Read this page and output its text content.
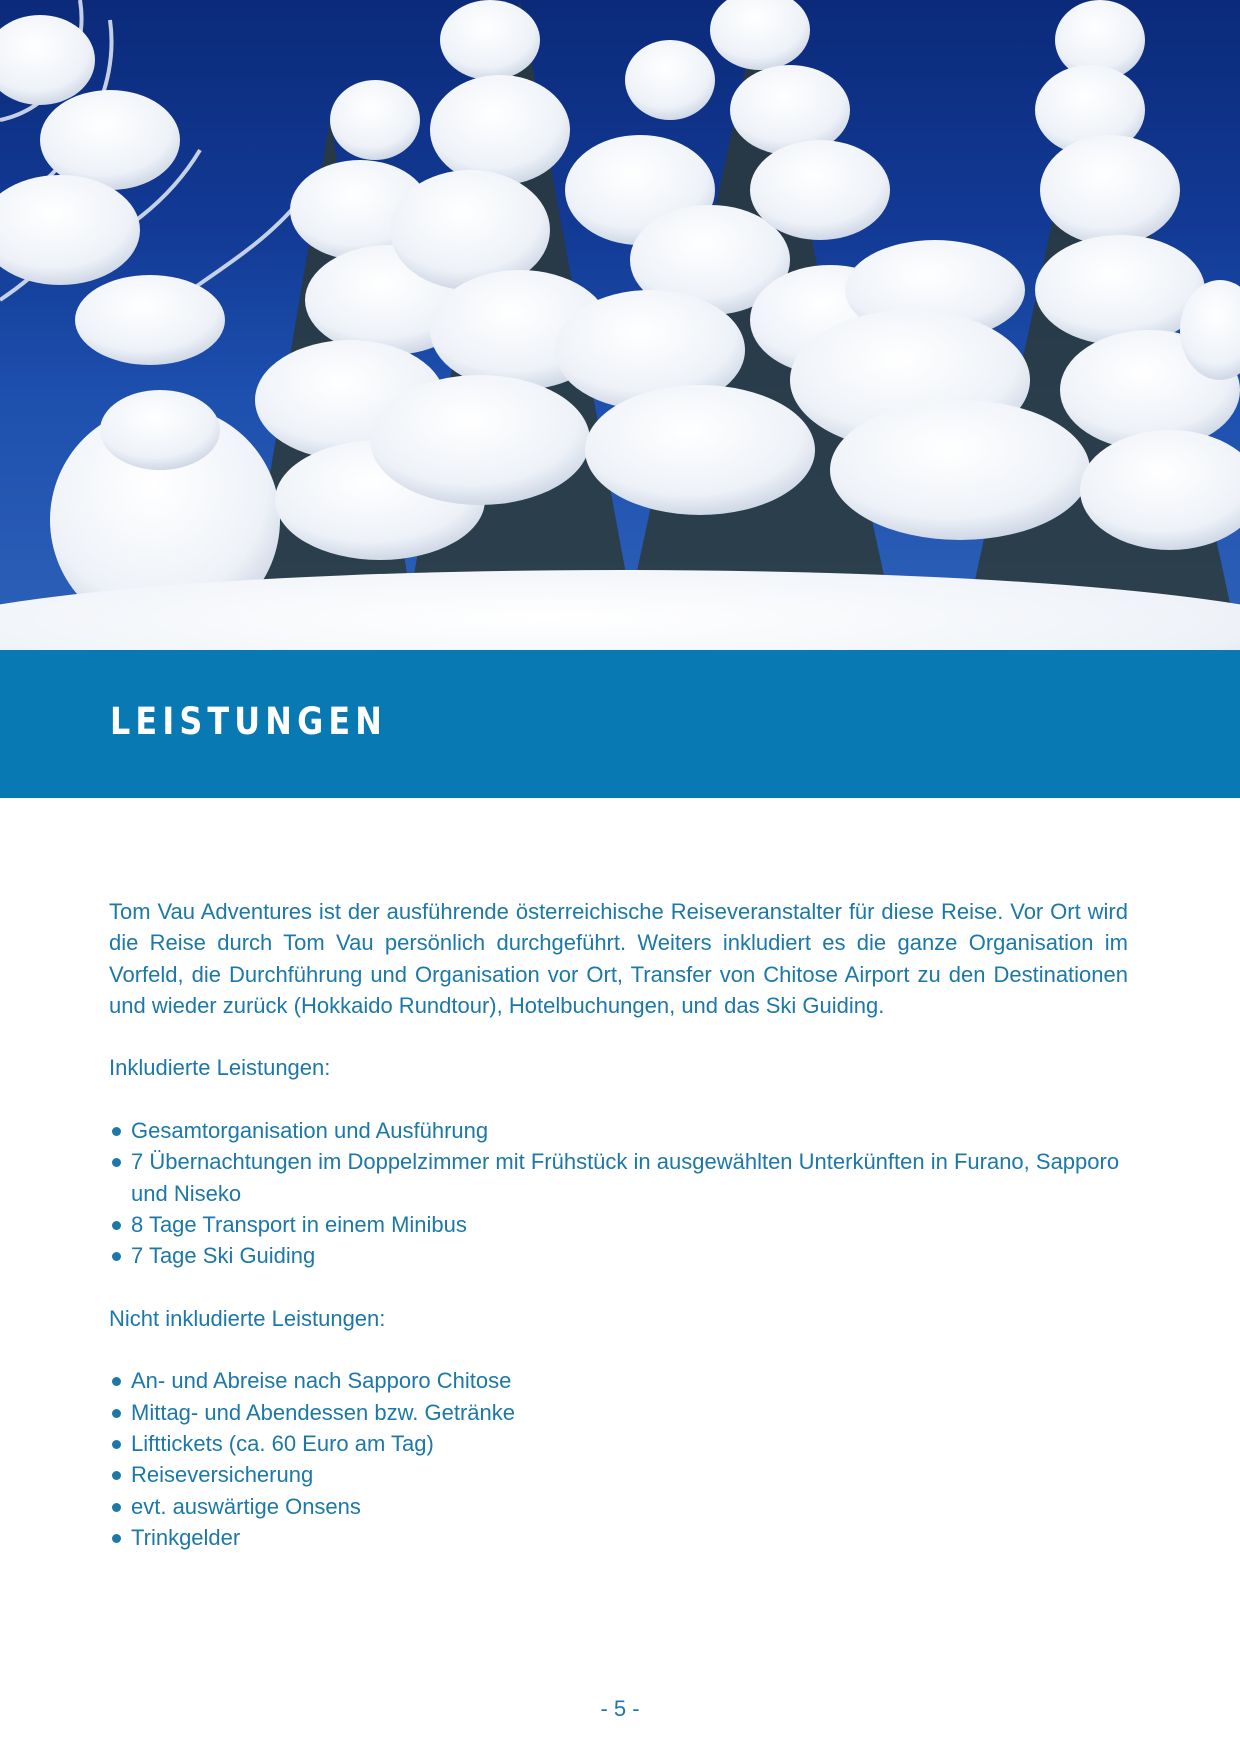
LEISTUNGEN

Tom Vau Adventures ist der ausführende österreichische Reiseveranstalter für diese Reise. Vor Ort wird die Reise durch Tom Vau persönlich durchgeführt. Weiters inkludiert es die ganze Organisation im Vorfeld, die Durchführung und Organisation vor Ort, Transfer von Chitose Airport zu den Destinationen und wieder zurück (Hokkaido Rundtour), Hotelbuchungen, und das Ski Guiding.

Inkludierte Leistungen:
Gesamtorganisation und Ausführung
7 Übernachtungen im Doppelzimmer mit Frühstück in ausgewählten Unterkünften in Furano, Sapporo und Niseko
8 Tage Transport in einem Minibus
7 Tage Ski Guiding
Nicht inkludierte Leistungen:
An- und Abreise nach Sapporo Chitose
Mittag- und Abendessen bzw. Getränke
Lifttickets (ca. 60 Euro am Tag)
Reiseversicherung
evt. auswärtige Onsens
Trinkgelder
- 5 -
